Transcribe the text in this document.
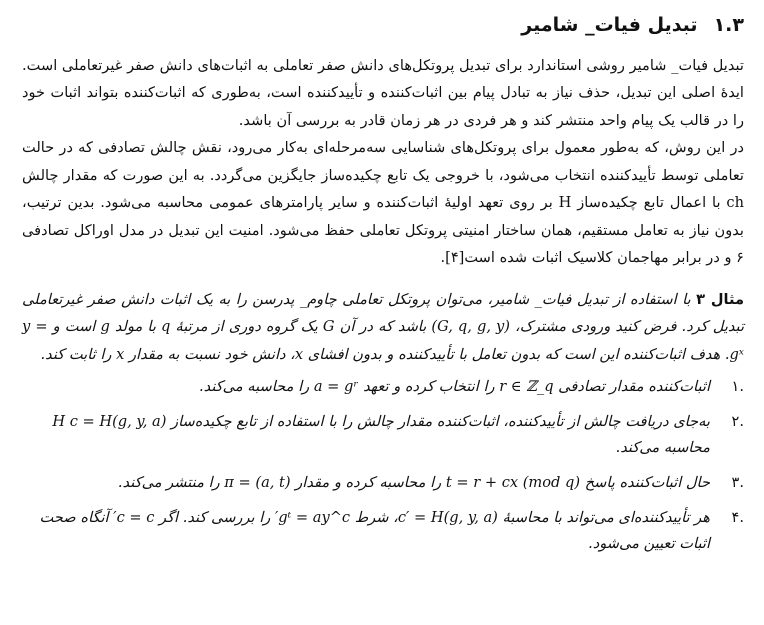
۱.۳تبدیل فیات_ شامیر

تبدیل فیات_ شامیر روشی استاندارد برای تبدیل پروتکل‌های دانش صفر تعاملی به اثبات‌های دانش صفر غیرتعاملی است. ایدهٔ اصلی این تبدیل، حذف نیاز به تبادل پیام بین اثبات‌کننده و تأییدکننده است، به‌طوری که اثبات‌کننده بتواند اثبات خود را در قالب یک پیام واحد منتشر کند و هر فردی در هر زمان قادر به بررسی آن باشد.

در این روش، که به‌طور معمول برای پروتکل‌های شناسایی سه‌مرحله‌ای به‌کار می‌رود، نقش چالش تصادفی که در حالت تعاملی توسط تأییدکننده انتخاب می‌شود، با خروجی یک تابع چکیده‌ساز جایگزین می‌گردد. به این صورت که مقدار چالش ch با اعمال تابع چکیده‌ساز H بر روی تعهد اولیهٔ اثبات‌کننده و سایر پارامترهای عمومی محاسبه می‌شود. بدین ترتیب، بدون نیاز به تعامل مستقیم، همان ساختار امنیتی پروتکل تعاملی حفظ می‌شود. امنیت این تبدیل در مدل اوراکل تصادفی ۶ و در برابر مهاجمان کلاسیک اثبات شده است[۴].

مثال ۳ با استفاده از تبدیل فیات_ شامیر، می‌توان پروتکل تعاملی چاوم_ پدرسن را به یک اثبات دانش صفر غیرتعاملی تبدیل کرد. فرض کنید ورودی مشترک، (G, q, g, y) باشد که در آن G یک گروه دوری از مرتبهٔ q با مولد g است و y = gˣ. هدف اثبات‌کننده این است که بدون تعامل با تأییدکننده و بدون افشای x، دانش خود نسبت به مقدار x را ثابت کند.
.۱
اثبات‌کننده مقدار تصادفی r ∈ ℤ_q را انتخاب کرده و تعهد a = gʳ را محاسبه می‌کند.
.۲
به‌جای دریافت چالش از تأییدکننده، اثبات‌کننده مقدار چالش را با استفاده از تابع چکیده‌ساز H c = H(g, y, a) محاسبه می‌کند.
.۳
حال اثبات‌کننده پاسخ t = r + cx (mod q) را محاسبه کرده و مقدار π = (a, t) را منتشر می‌کند.
.۴
هر تأییدکننده‌ای می‌تواند با محاسبهٔ c′ = H(g, y, a)، شرط gᵗ = ay^c′ را بررسی کند. اگر c = c′ آنگاه صحت اثبات تعیین می‌شود.
